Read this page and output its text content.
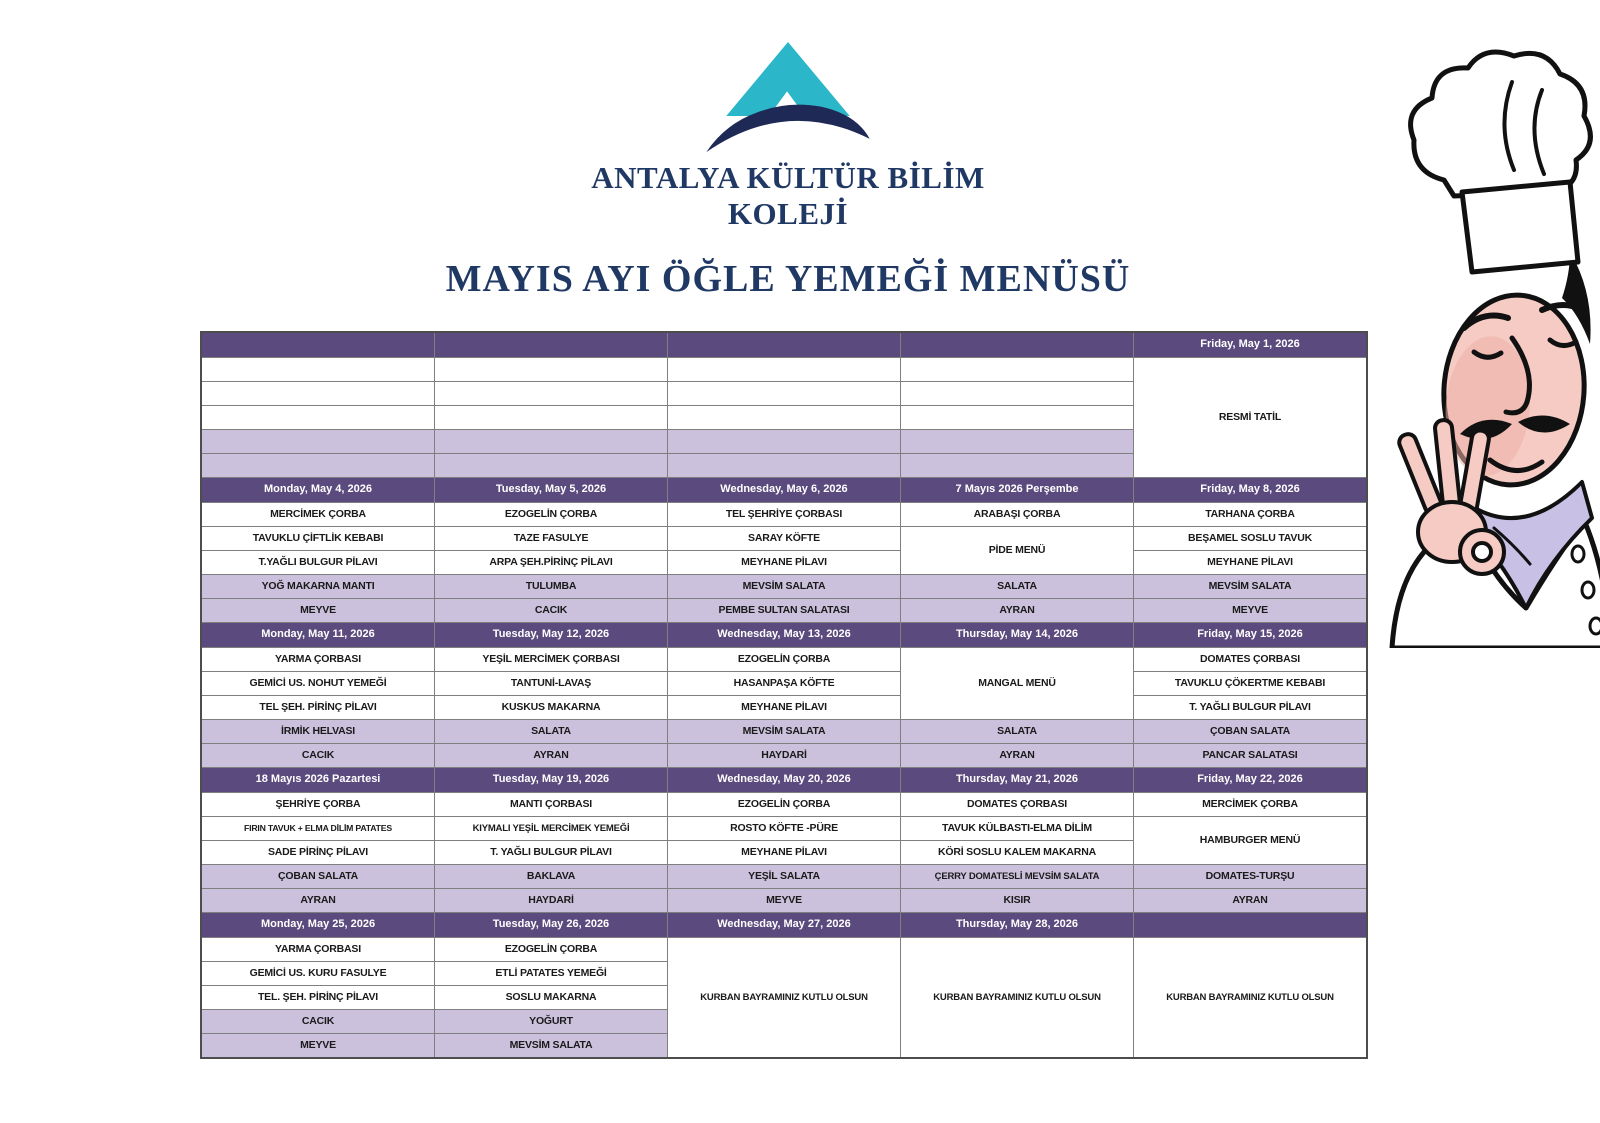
ANTALYA KÜLTÜR BİLİM
KOLEJİ
MAYIS AYI ÖĞLE YEMEĞİ MENÜSÜ
Friday, May 1, 2026
RESMİ TATİL
Monday, May 4, 2026
MERCİMEK ÇORBA
TAVUKLU ÇİFTLİK KEBABI
T.YAĞLI BULGUR PİLAVI
YOĞ MAKARNA MANTI
MEYVE
Tuesday, May 5, 2026
EZOGELİN ÇORBA
TAZE FASULYE
ARPA ŞEH.PİRİNÇ PİLAVI
TULUMBA
CACIK
Wednesday, May 6, 2026
TEL ŞEHRİYE ÇORBASI
SARAY KÖFTE
MEYHANE PİLAVI
MEVSİM SALATA
PEMBE SULTAN SALATASI
7 Mayıs 2026 Perşembe
ARABAŞI ÇORBA
PİDE MENÜ
SALATA
AYRAN
Friday, May 8, 2026
TARHANA ÇORBA
BEŞAMEL SOSLU TAVUK
MEYHANE PİLAVI
MEVSİM SALATA
MEYVE
Monday, May 11, 2026
YARMA ÇORBASI
GEMİCİ US. NOHUT YEMEĞİ
TEL ŞEH. PİRİNÇ PİLAVI
İRMİK HELVASI
CACIK
Tuesday, May 12, 2026
YEŞİL MERCİMEK ÇORBASI
TANTUNİ-LAVAŞ
KUSKUS MAKARNA
SALATA
AYRAN
Wednesday, May 13, 2026
EZOGELİN ÇORBA
HASANPAŞA KÖFTE
MEYHANE PİLAVI
MEVSİM SALATA
HAYDARİ
Thursday, May 14, 2026
MANGAL MENÜ
SALATA
AYRAN
Friday, May 15, 2026
DOMATES ÇORBASI
TAVUKLU ÇÖKERTME KEBABI
T. YAĞLI BULGUR PİLAVI
ÇOBAN SALATA
PANCAR SALATASI
18 Mayıs 2026 Pazartesi
ŞEHRİYE ÇORBA
FIRIN TAVUK + ELMA DİLİM PATATES
SADE PİRİNÇ PİLAVI
ÇOBAN SALATA
AYRAN
Tuesday, May 19, 2026
MANTI ÇORBASI
KIYMALI YEŞİL MERCİMEK YEMEĞİ
T. YAĞLI BULGUR PİLAVI
BAKLAVA
HAYDARİ
Wednesday, May 20, 2026
EZOGELİN ÇORBA
ROSTO KÖFTE -PÜRE
MEYHANE PİLAVI
YEŞİL SALATA
MEYVE
Thursday, May 21, 2026
DOMATES ÇORBASI
TAVUK KÜLBASTI-ELMA DİLİM
KÖRİ SOSLU KALEM MAKARNA
ÇERRY DOMATESLİ MEVSİM SALATA
KISIR
Friday, May 22, 2026
MERCİMEK ÇORBA
HAMBURGER MENÜ
DOMATES-TURŞU
AYRAN
Monday, May 25, 2026
YARMA ÇORBASI
GEMİCİ US. KURU FASULYE
TEL. ŞEH. PİRİNÇ PİLAVI
CACIK
MEYVE
Tuesday, May 26, 2026
EZOGELİN ÇORBA
ETLİ PATATES YEMEĞİ
SOSLU MAKARNA
YOĞURT
MEVSİM SALATA
Wednesday, May 27, 2026
KURBAN BAYRAMINIZ KUTLU OLSUN
Thursday, May 28, 2026
KURBAN BAYRAMINIZ KUTLU OLSUN	KURBAN BAYRAMINIZ KUTLU OLSUN
